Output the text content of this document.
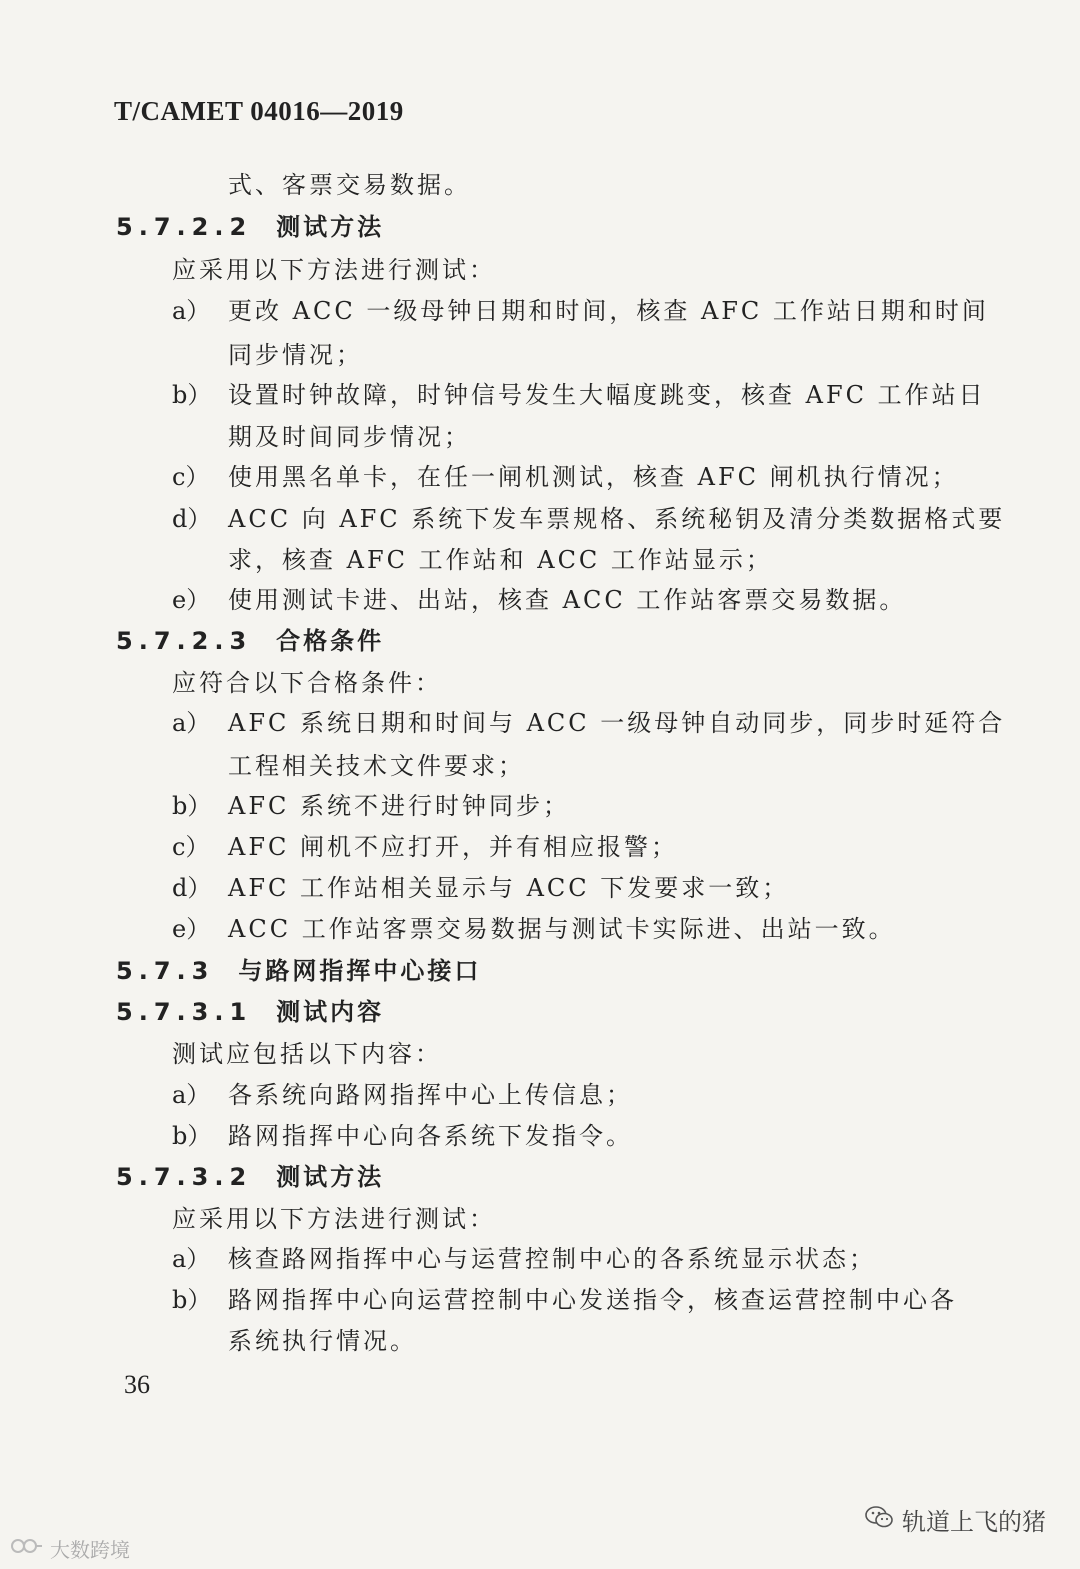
T/CAMET 04016—2019
式、客票交易数据。
5.7.2.2 测试方法
应采用以下方法进行测试：
a） 更改 ACC 一级母钟日期和时间，核查 AFC 工作站日期和时间
同步情况；
b） 设置时钟故障，时钟信号发生大幅度跳变，核查 AFC 工作站日
期及时间同步情况；
c） 使用黑名单卡，在任一闸机测试，核查 AFC 闸机执行情况；
d） ACC 向 AFC 系统下发车票规格、系统秘钥及清分类数据格式要
求，核查 AFC 工作站和 ACC 工作站显示；
e） 使用测试卡进、出站，核查 ACC 工作站客票交易数据。
5.7.2.3 合格条件
应符合以下合格条件：
a） AFC 系统日期和时间与 ACC 一级母钟自动同步，同步时延符合
工程相关技术文件要求；
b） AFC 系统不进行时钟同步；
c） AFC 闸机不应打开，并有相应报警；
d） AFC 工作站相关显示与 ACC 下发要求一致；
e） ACC 工作站客票交易数据与测试卡实际进、出站一致。
5.7.3 与路网指挥中心接口
5.7.3.1 测试内容
测试应包括以下内容：
a） 各系统向路网指挥中心上传信息；
b） 路网指挥中心向各系统下发指令。
5.7.3.2 测试方法
应采用以下方法进行测试：
a） 核查路网指挥中心与运营控制中心的各系统显示状态；
b） 路网指挥中心向运营控制中心发送指令，核查运营控制中心各
系统执行情况。
36
轨道上飞的猪
大数跨境
